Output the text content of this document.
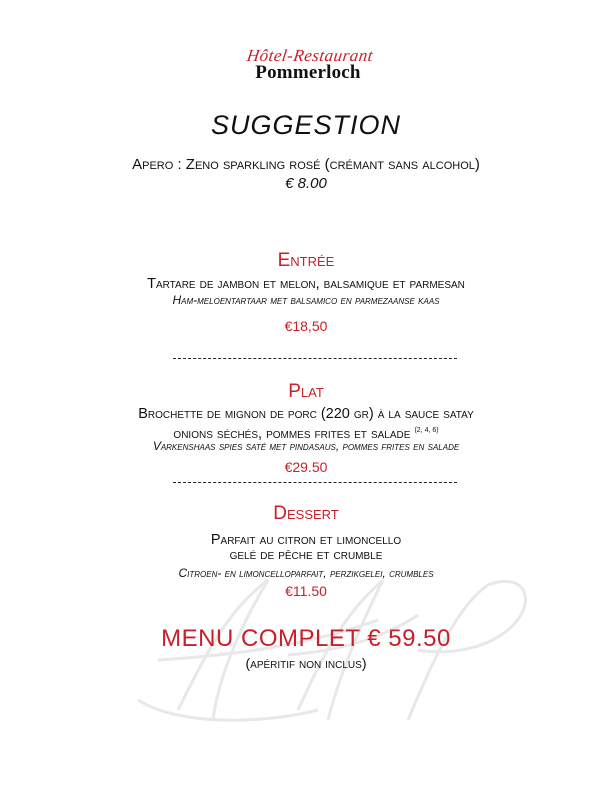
Hôtel-Restaurant
Pommerloch
SUGGESTION
Apero : Zeno sparkling rosé (crémant sans alcohol)
€ 8.00
Entrée
Tartare de jambon et melon, balsamique et parmesan
Ham-meloentartaar met balsamico en parmezaanse kaas
€18,50
Plat
Brochette de mignon de porc (220 gr) à la sauce satay
onions séchés, pommes frites et salade $^{(2, 4, 6)}$
Varkenshaas spies saté met pindasaus, pommes frites en salade
€29.50
Dessert
Parfait au citron et limoncello
gelé de pêche et crumble
Citroen- en limoncelloparfait, perzikgelei, crumbles
€11.50
MENU COMPLET € 59.50
(apéritif non inclus)
